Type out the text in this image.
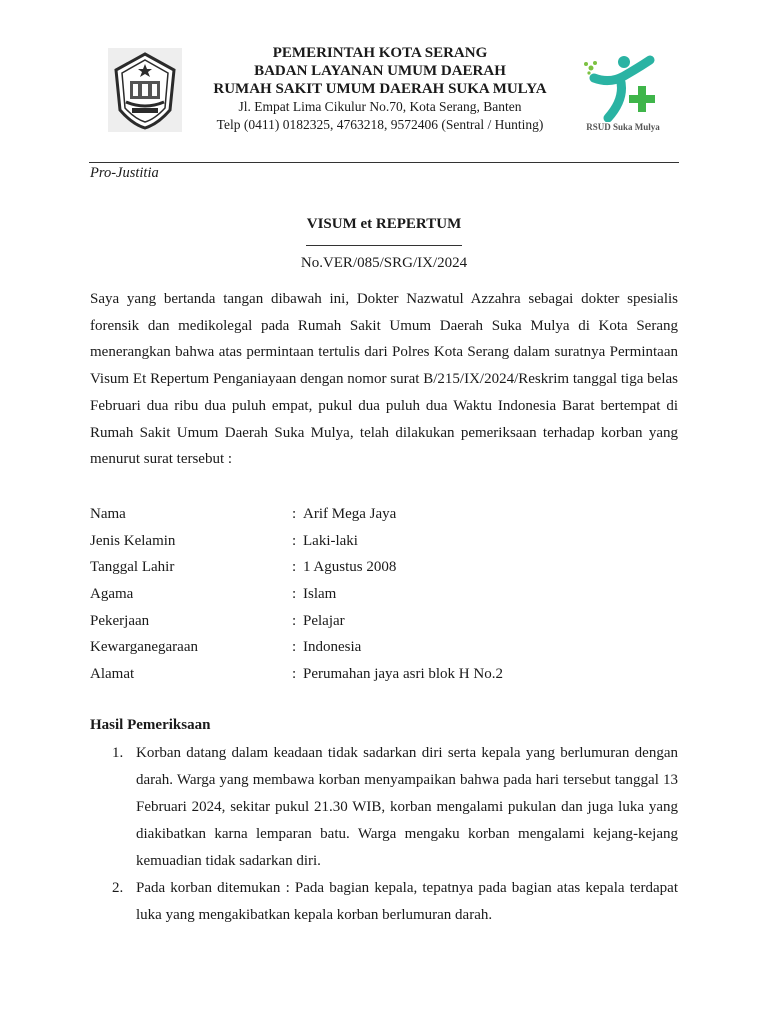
PEMERINTAH KOTA SERANG
BADAN LAYANAN UMUM DAERAH
RUMAH SAKIT UMUM DAERAH SUKA MULYA
Jl. Empat Lima Cikulur No.70, Kota Serang, Banten
Telp (0411) 0182325, 4763218, 9572406 (Sentral / Hunting)	RSUD Suka Mulya
Pro-Justitia
VISUM et REPERTUM
No.VER/085/SRG/IX/2024

Saya yang bertanda tangan dibawah ini, Dokter Nazwatul Azzahra sebagai dokter spesialis forensik dan medikolegal pada Rumah Sakit Umum Daerah Suka Mulya di Kota Serang menerangkan bahwa atas permintaan tertulis dari Polres Kota Serang dalam suratnya Permintaan Visum Et Repertum Penganiayaan dengan nomor surat B/215/IX/2024/Reskrim tanggal tiga belas Februari dua ribu dua puluh empat, pukul dua puluh dua Waktu Indonesia Barat bertempat di Rumah Sakit Umum Daerah Suka Mulya, telah dilakukan pemeriksaan terhadap korban yang menurut surat tersebut :

Nama	: Arif Mega Jaya
Jenis Kelamin	: Laki-laki
Tanggal Lahir	: 1 Agustus 2008
Agama	: Islam
Pekerjaan	: Pelajar
Kewarganegaraan	: Indonesia
Alamat	: Perumahan jaya asri blok H No.2
Hasil Pemeriksaan
1. Korban datang dalam keadaan tidak sadarkan diri serta kepala yang berlumuran dengan darah. Warga yang membawa korban menyampaikan bahwa pada hari tersebut tanggal 13 Februari 2024, sekitar pukul 21.30 WIB, korban mengalami pukulan dan juga luka yang diakibatkan karna lemparan batu. Warga mengaku korban mengalami kejang-kejang kemuadian tidak sadarkan diri.
2. Pada korban ditemukan : Pada bagian kepala, tepatnya pada bagian atas kepala terdapat luka yang mengakibatkan kepala korban berlumuran darah.
